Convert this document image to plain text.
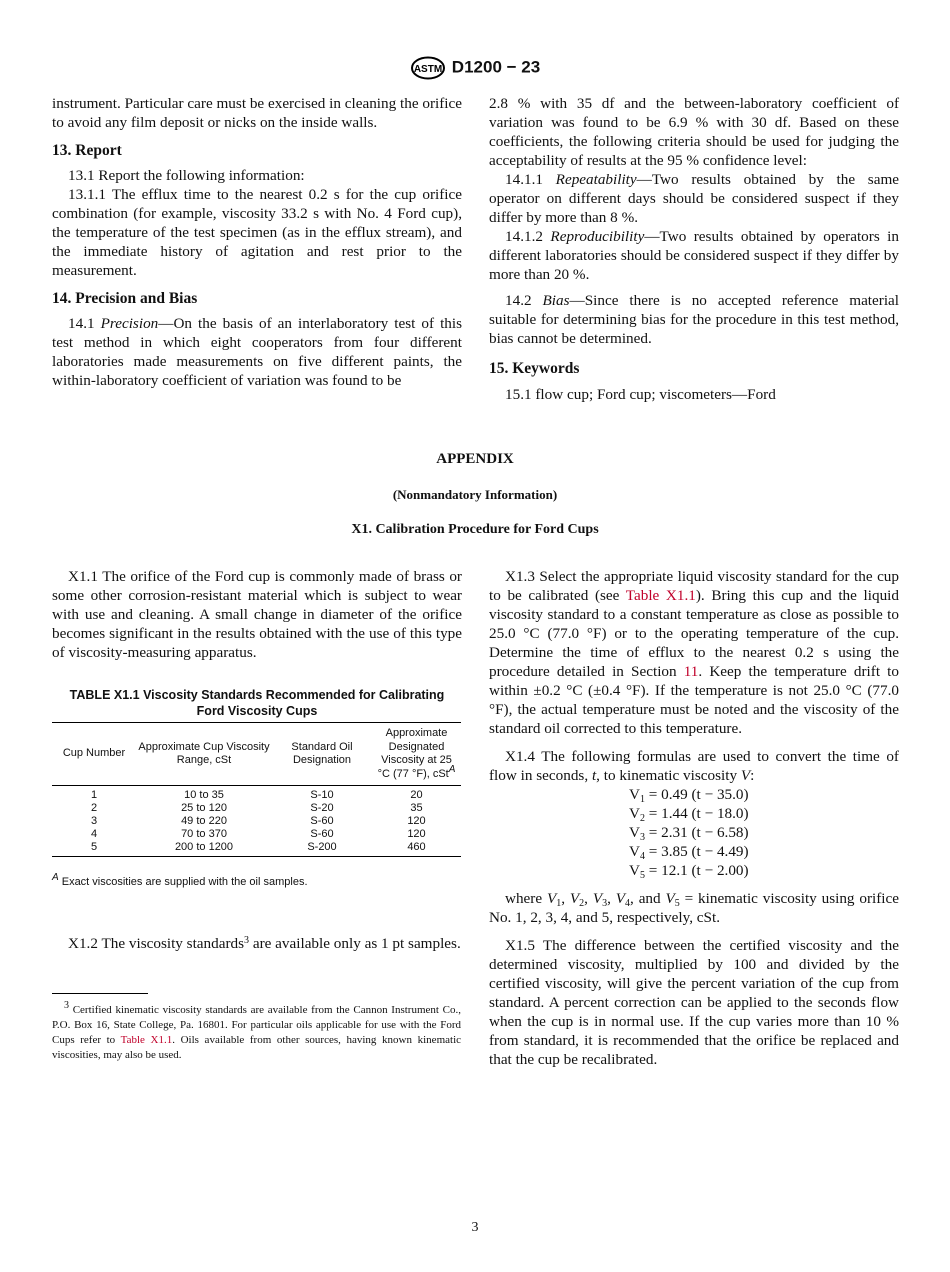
ASTM D1200 − 23

instrument. Particular care must be exercised in cleaning the orifice to avoid any film deposit or nicks on the inside walls.

13. Report

13.1 Report the following information:

13.1.1 The efflux time to the nearest 0.2 s for the cup orifice combination (for example, viscosity 33.2 s with No. 4 Ford cup), the temperature of the test specimen (as in the efflux stream), and the immediate history of agitation and rest prior to the measurement.

14. Precision and Bias

14.1 Precision—On the basis of an interlaboratory test of this test method in which eight cooperators from four different laboratories made measurements on five different paints, the within-laboratory coefficient of variation was found to be

2.8 % with 35 df and the between-laboratory coefficient of variation was found to be 6.9 % with 30 df. Based on these coefficients, the following criteria should be used for judging the acceptability of results at the 95 % confidence level:

14.1.1 Repeatability—Two results obtained by the same operator on different days should be considered suspect if they differ by more than 8 %.

14.1.2 Reproducibility—Two results obtained by operators in different laboratories should be considered suspect if they differ by more than 20 %.

14.2 Bias—Since there is no accepted reference material suitable for determining bias for the procedure in this test method, bias cannot be determined.

15. Keywords

15.1 flow cup; Ford cup; viscometers—Ford

APPENDIX
(Nonmandatory Information)
X1. Calibration Procedure for Ford Cups

X1.1 The orifice of the Ford cup is commonly made of brass or some other corrosion-resistant material which is subject to wear with use and cleaning. A small change in diameter of the orifice becomes significant in the results obtained with the use of this type of viscosity-measuring apparatus.

TABLE X1.1 Viscosity Standards Recommended for Calibrating
Ford Viscosity Cups
Cup Number	Approximate Cup Viscosity Range, cSt	Standard Oil Designation	Approximate Designated Viscosity at 25 °C (77 °F), cSt$^A$
1	10 to 35	S-10	20
2	25 to 120	S-20	35
3	49 to 220	S-60	120
4	70 to 370	S-60	120
5	200 to 1200	S-200	460
$^A$ Exact viscosities are supplied with the oil samples.

X1.2 The viscosity standards$^3$ are available only as 1 pt samples.

$^3$ Certified kinematic viscosity standards are available from the Cannon Instrument Co., P.O. Box 16, State College, Pa. 16801. For particular oils applicable for use with the Ford Cups refer to Table X1.1. Oils available from other sources, having known kinematic viscosities, may also be used.

X1.3 Select the appropriate liquid viscosity standard for the cup to be calibrated (see Table X1.1). Bring this cup and the liquid viscosity standard to a constant temperature as close as possible to 25.0 °C (77.0 °F) or to the operating temperature of the cup. Determine the time of efflux to the nearest 0.2 s using the procedure detailed in Section 11. Keep the temperature drift to within ±0.2 °C (±0.4 °F). If the temperature is not 25.0 °C (77.0 °F), the actual temperature must be noted and the viscosity of the standard oil corrected to this temperature.

X1.4 The following formulas are used to convert the time of flow in seconds, t, to kinematic viscosity V:

$V_1 = 0.49$ (t − 35.0)
$V_2 = 1.44$ (t − 18.0)
$V_3 = 2.31$ (t − 6.58)
$V_4 = 3.85$ (t − 4.49)
$V_5 = 12.1$ (t − 2.00)

where $V_1$, $V_2$, $V_3$, $V_4$, and $V_5$ = kinematic viscosity using orifice No. 1, 2, 3, 4, and 5, respectively, cSt.

X1.5 The difference between the certified viscosity and the determined viscosity, multiplied by 100 and divided by the certified viscosity, will give the percent variation of the cup from standard. A percent correction can be applied to the seconds flow when the cup is in normal use. If the cup varies more than 10 % from standard, it is recommended that the orifice be replaced and that the cup be recalibrated.

3
